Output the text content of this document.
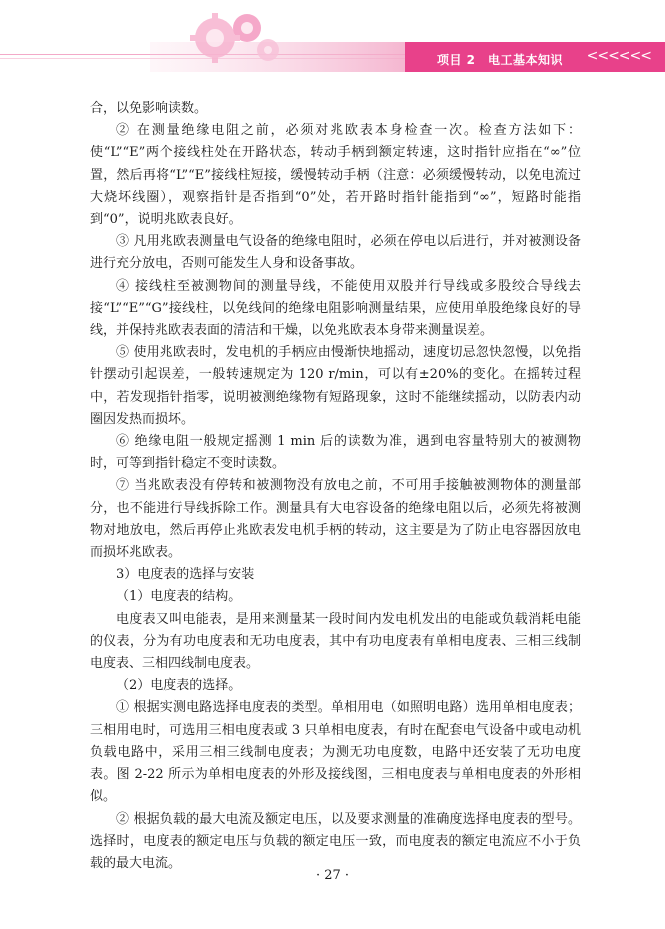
项目 2　电工基本知识 <<<<<<

合，以免影响读数。

② 在测量绝缘电阻之前，必须对兆欧表本身检查一次。检查方法如下：使“L”“E”两个接线柱处在开路状态，转动手柄到额定转速，这时指针应指在“∞”位置，然后再将“L”“E”接线柱短接，缓慢转动手柄（注意：必须缓慢转动，以免电流过大烧坏线圈），观察指针是否指到“0”处，若开路时指针能指到“∞”，短路时能指到“0”，说明兆欧表良好。

③ 凡用兆欧表测量电气设备的绝缘电阻时，必须在停电以后进行，并对被测设备进行充分放电，否则可能发生人身和设备事故。

④ 接线柱至被测物间的测量导线，不能使用双股并行导线或多股绞合导线去接“L”“E”“G”接线柱，以免线间的绝缘电阻影响测量结果，应使用单股绝缘良好的导线，并保持兆欧表表面的清洁和干燥，以免兆欧表本身带来测量误差。

⑤ 使用兆欧表时，发电机的手柄应由慢渐快地摇动，速度切忌忽快忽慢，以免指针摆动引起误差，一般转速规定为 120 r/min，可以有±20%的变化。在摇转过程中，若发现指针指零，说明被测绝缘物有短路现象，这时不能继续摇动，以防表内动圈因发热而损坏。

⑥ 绝缘电阻一般规定摇测 1 min 后的读数为准，遇到电容量特别大的被测物时，可等到指针稳定不变时读数。

⑦ 当兆欧表没有停转和被测物没有放电之前，不可用手接触被测物体的测量部分，也不能进行导线拆除工作。测量具有大电容设备的绝缘电阻以后，必须先将被测物对地放电，然后再停止兆欧表发电机手柄的转动，这主要是为了防止电容器因放电而损坏兆欧表。

3）电度表的选择与安装

（1）电度表的结构。

电度表又叫电能表，是用来测量某一段时间内发电机发出的电能或负载消耗电能的仪表，分为有功电度表和无功电度表，其中有功电度表有单相电度表、三相三线制电度表、三相四线制电度表。

（2）电度表的选择。

① 根据实测电路选择电度表的类型。单相用电（如照明电路）选用单相电度表；三相用电时，可选用三相电度表或 3 只单相电度表，有时在配套电气设备中或电动机负载电路中，采用三相三线制电度表；为测无功电度数，电路中还安装了无功电度表。图 2-22 所示为单相电度表的外形及接线图，三相电度表与单相电度表的外形相似。

② 根据负载的最大电流及额定电压，以及要求测量的准确度选择电度表的型号。选择时，电度表的额定电压与负载的额定电压一致，而电度表的额定电流应不小于负载的最大电流。

· 27 ·
